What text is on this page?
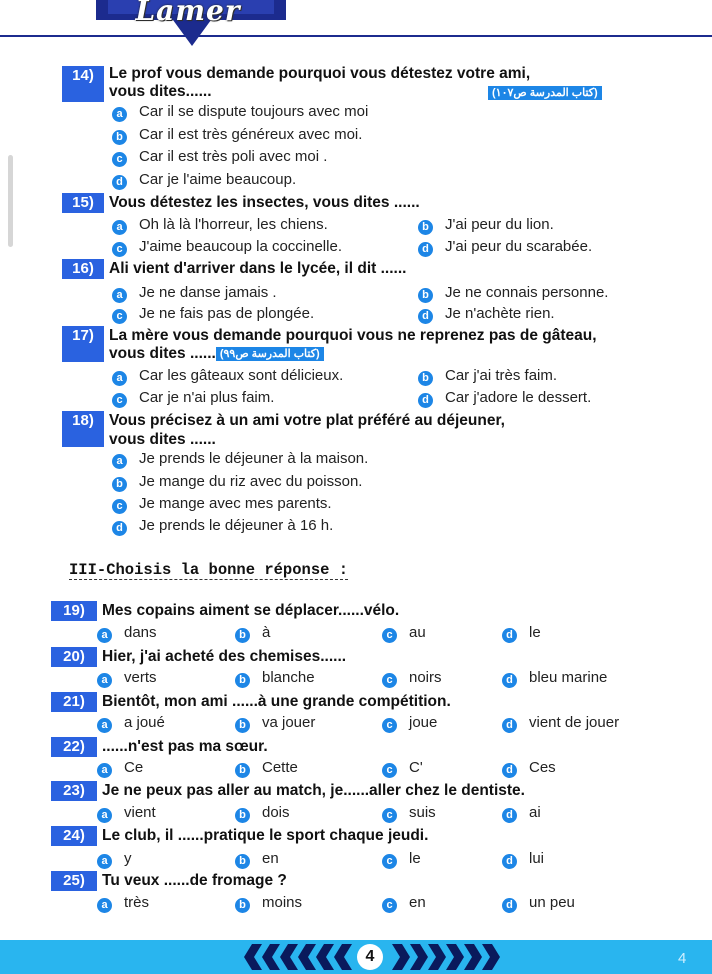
Lamer
14) Le prof vous demande pourquoi vous détestez votre ami,
vous dites......	(كتاب المدرسة ص١٠٧)
a Car il se dispute toujours avec moi
b Car il est très généreux avec moi.
c Car il est très poli avec moi .
d Car je l'aime beaucoup.
15) Vous détestez les insectes, vous dites ......
a Oh là là l'horreur, les chiens.	b J'ai peur du lion.
c J'aime beaucoup la coccinelle.	d J'ai peur du scarabée.
16) Ali vient d'arriver dans le lycée, il dit ......
a Je ne danse jamais .	b Je ne connais personne.
c Je ne fais pas de plongée.	d Je n'achète rien.
17) La mère vous demande pourquoi vous ne reprenez pas de gâteau,
vous dites ...... (كتاب المدرسة ص٩٩)
a Car les gâteaux sont délicieux.	b Car j'ai très faim.
c Car je n'ai plus faim.	d Car j'adore le dessert.
18) Vous précisez à un ami votre plat préféré au déjeuner,
vous dites ......
a Je prends le déjeuner à la maison.
b Je mange du riz avec du poisson.
c Je mange avec mes parents.
d Je prends le déjeuner à 16 h.
III-Choisis la bonne réponse :
19)	Mes copains aiment se déplacer......vélo.
a dans	b à	c au	d le
20)	Hier, j'ai acheté des chemises......
a verts	b blanche	c noirs	d bleu marine
21)	Bientôt, mon ami ......à une grande compétition.
a a joué	b va jouer	c joue	d vient de jouer
22)	......n'est pas ma sœur.
a Ce	b Cette	c C'	d Ces
23)	Je ne peux pas aller au match, je......aller chez le dentiste.
a vient	b dois	c suis	d ai
24)	Le club, il ......pratique le sport chaque jeudi.
a y	b en	c le	d lui
25)	Tu veux ......de fromage ?
a très	b moins	c en	d un peu
4	4
